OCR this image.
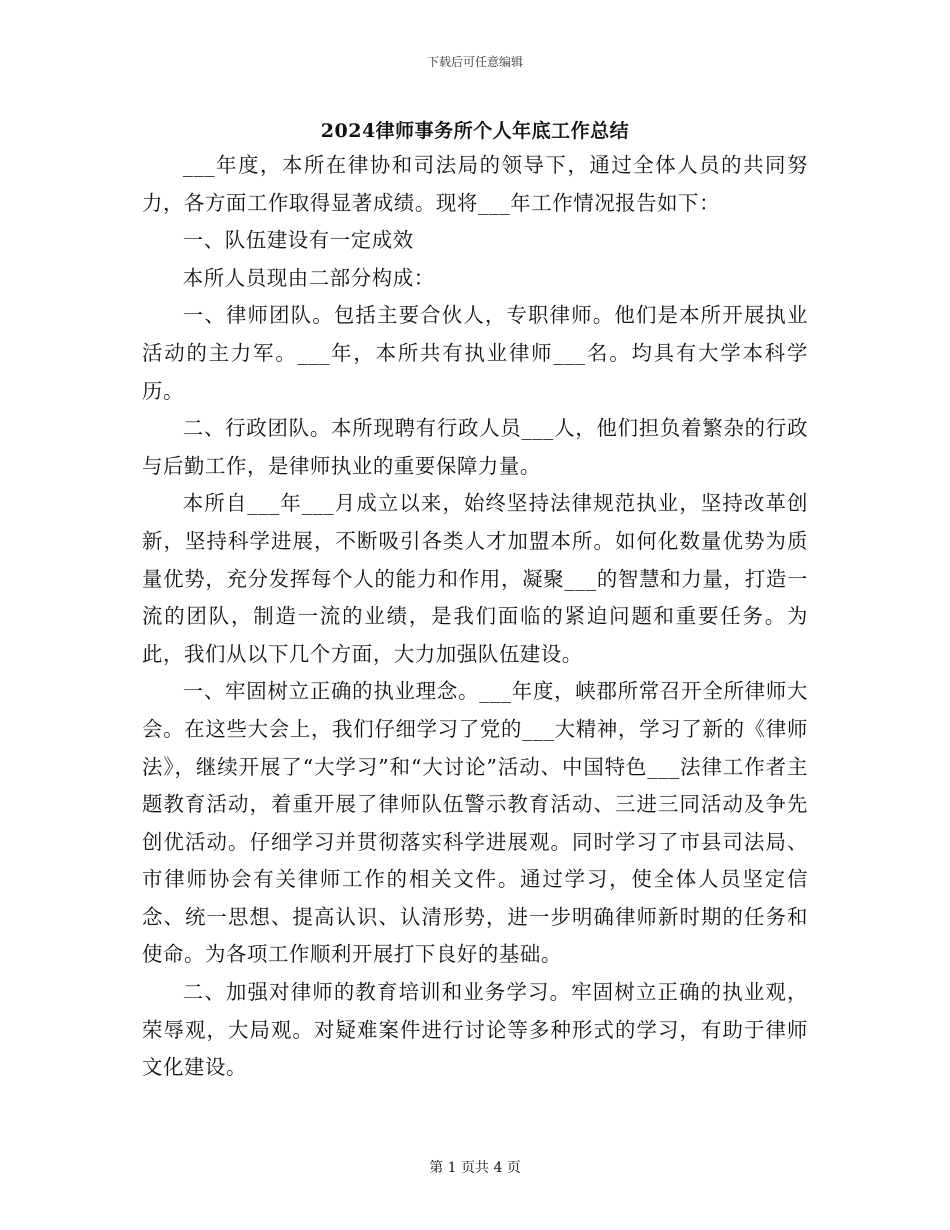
下载后可任意编辑
2024律师事务所个人年底工作总结

___年度，本所在律协和司法局的领导下，通过全体人员的共同努力，各方面工作取得显著成绩。现将___年工作情况报告如下：

一、队伍建设有一定成效

本所人员现由二部分构成：

一、律师团队。包括主要合伙人，专职律师。他们是本所开展执业活动的主力军。___年，本所共有执业律师___名。均具有大学本科学历。

二、行政团队。本所现聘有行政人员___人，他们担负着繁杂的行政与后勤工作，是律师执业的重要保障力量。

本所自___年___月成立以来，始终坚持法律规范执业，坚持改革创新，坚持科学进展，不断吸引各类人才加盟本所。如何化数量优势为质量优势，充分发挥每个人的能力和作用，凝聚___的智慧和力量，打造一流的团队，制造一流的业绩，是我们面临的紧迫问题和重要任务。为此，我们从以下几个方面，大力加强队伍建设。

一、牢固树立正确的执业理念。___年度，峡郡所常召开全所律师大会。在这些大会上，我们仔细学习了党的___大精神，学习了新的《律师法》，继续开展了“大学习”和“大讨论”活动、中国特色___法律工作者主题教育活动，着重开展了律师队伍警示教育活动、三进三同活动及争先创优活动。仔细学习并贯彻落实科学进展观。同时学习了市县司法局、市律师协会有关律师工作的相关文件。通过学习，使全体人员坚定信念、统一思想、提高认识、认清形势，进一步明确律师新时期的任务和使命。为各项工作顺利开展打下良好的基础。

二、加强对律师的教育培训和业务学习。牢固树立正确的执业观，荣辱观，大局观。对疑难案件进行讨论等多种形式的学习，有助于律师文化建设。

第 1 页共 4 页
